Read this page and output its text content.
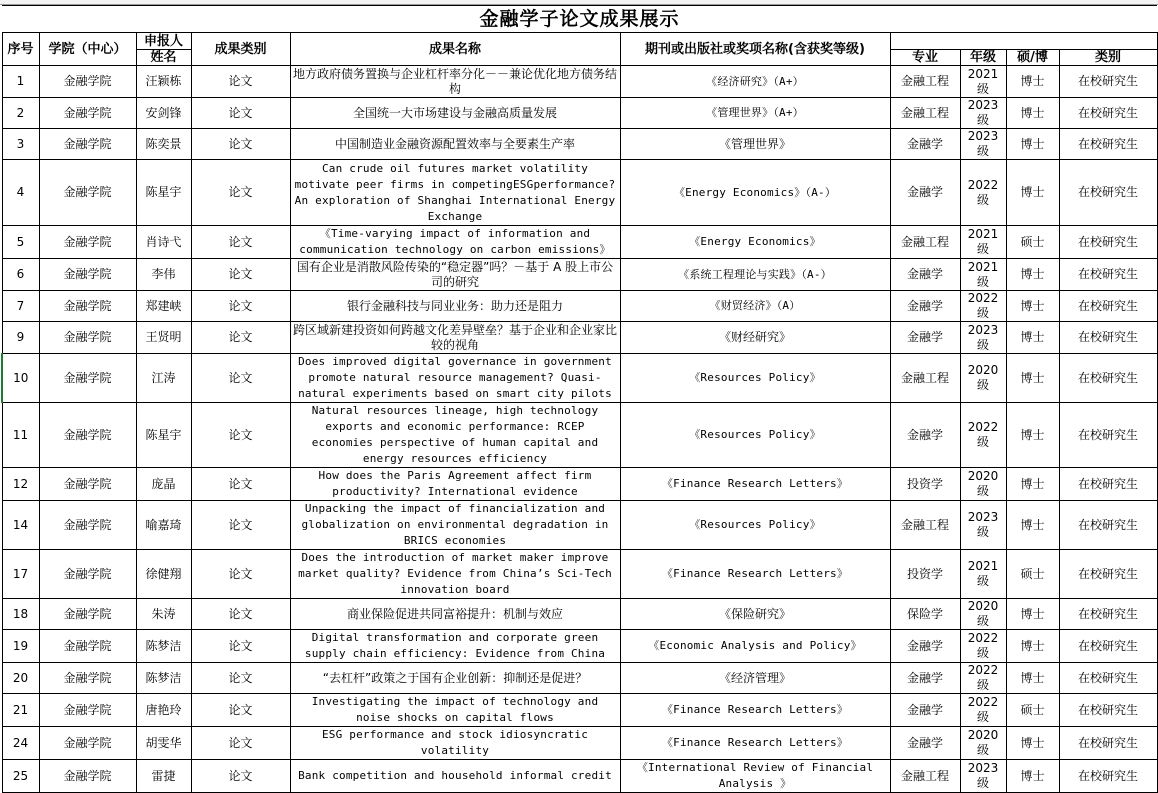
金融学子论文成果展示									
序号	学院（中心）	申报人	成果类别	成果名称	期刊或出版社或奖项名称(含获奖等级)				
		姓名				专业	年级	硕/博	类别
1	金融学院	汪颖栋	论文	地方政府债务置换与企业杠杆率分化－－兼论优化地方债务结构	《经济研究》（A+）	金融工程	2021级	博士	在校研究生
2	金融学院	安剑锋	论文	全国统一大市场建设与金融高质量发展	《管理世界》（A+）	金融工程	2023级	博士	在校研究生
3	金融学院	陈奕景	论文	中国制造业金融资源配置效率与全要素生产率	《管理世界》	金融学	2023级	博士	在校研究生
4	金融学院	陈星宇	论文	Can crude oil futures market volatility motivate peer firms in competingESGperformance? An exploration of Shanghai International Energy Exchange	《Energy Economics》（A-）	金融学	2022级	博士	在校研究生
5	金融学院	肖诗弋	论文	《Time-varying impact of information and communication technology on carbon emissions》	《Energy Economics》	金融工程	2021级	硕士	在校研究生
6	金融学院	李伟	论文	国有企业是消散风险传染的“稳定器”吗？－基于 A 股上市公司的研究	《系统工程理论与实践》（A-）	金融学	2021级	博士	在校研究生
7	金融学院	郑建峡	论文	银行金融科技与同业业务：助力还是阻力	《财贸经济》（A）	金融学	2022级	博士	在校研究生
9	金融学院	王贤明	论文	跨区域新建投资如何跨越文化差异壁垒？基于企业和企业家比较的视角	《财经研究》	金融学	2023级	博士	在校研究生
10	金融学院	江涛	论文	Does improved digital governance in government promote natural resource management? Quasi-natural experiments based on smart city pilots	《Resources Policy》	金融工程	2020级	博士	在校研究生
11	金融学院	陈星宇	论文	Natural resources lineage, high technology exports and economic performance: RCEP economies perspective of human capital and energy resources efficiency	《Resources Policy》	金融学	2022级	博士	在校研究生
12	金融学院	庞晶	论文	How does the Paris Agreement affect firm productivity? International evidence	《Finance Research Letters》	投资学	2020级	博士	在校研究生
14	金融学院	喻嘉琦	论文	Unpacking the impact of financialization and globalization on environmental degradation in BRICS economies	《Resources Policy》	金融工程	2023级	博士	在校研究生
17	金融学院	徐健翔	论文	Does the introduction of market maker improve market quality? Evidence from China’s Sci-Tech innovation board	《Finance Research Letters》	投资学	2021级	硕士	在校研究生
18	金融学院	朱涛	论文	商业保险促进共同富裕提升：机制与效应	《保险研究》	保险学	2020级	博士	在校研究生
19	金融学院	陈梦洁	论文	Digital transformation and corporate green supply chain efficiency: Evidence from China	《Economic Analysis and Policy》	金融学	2022级	博士	在校研究生
20	金融学院	陈梦洁	论文	“去杠杆”政策之于国有企业创新：抑制还是促进？	《经济管理》	金融学	2022级	博士	在校研究生
21	金融学院	唐艳玲	论文	Investigating the impact of technology and noise shocks on capital flows	《Finance Research Letters》	金融学	2022级	硕士	在校研究生
24	金融学院	胡雯华	论文	ESG performance and stock idiosyncratic volatility	《Finance Research Letters》	金融学	2020级	博士	在校研究生
25	金融学院	雷捷	论文	Bank competition and household informal credit	《International Review of Financial Analysis 》	金融工程	2023级	博士	在校研究生
